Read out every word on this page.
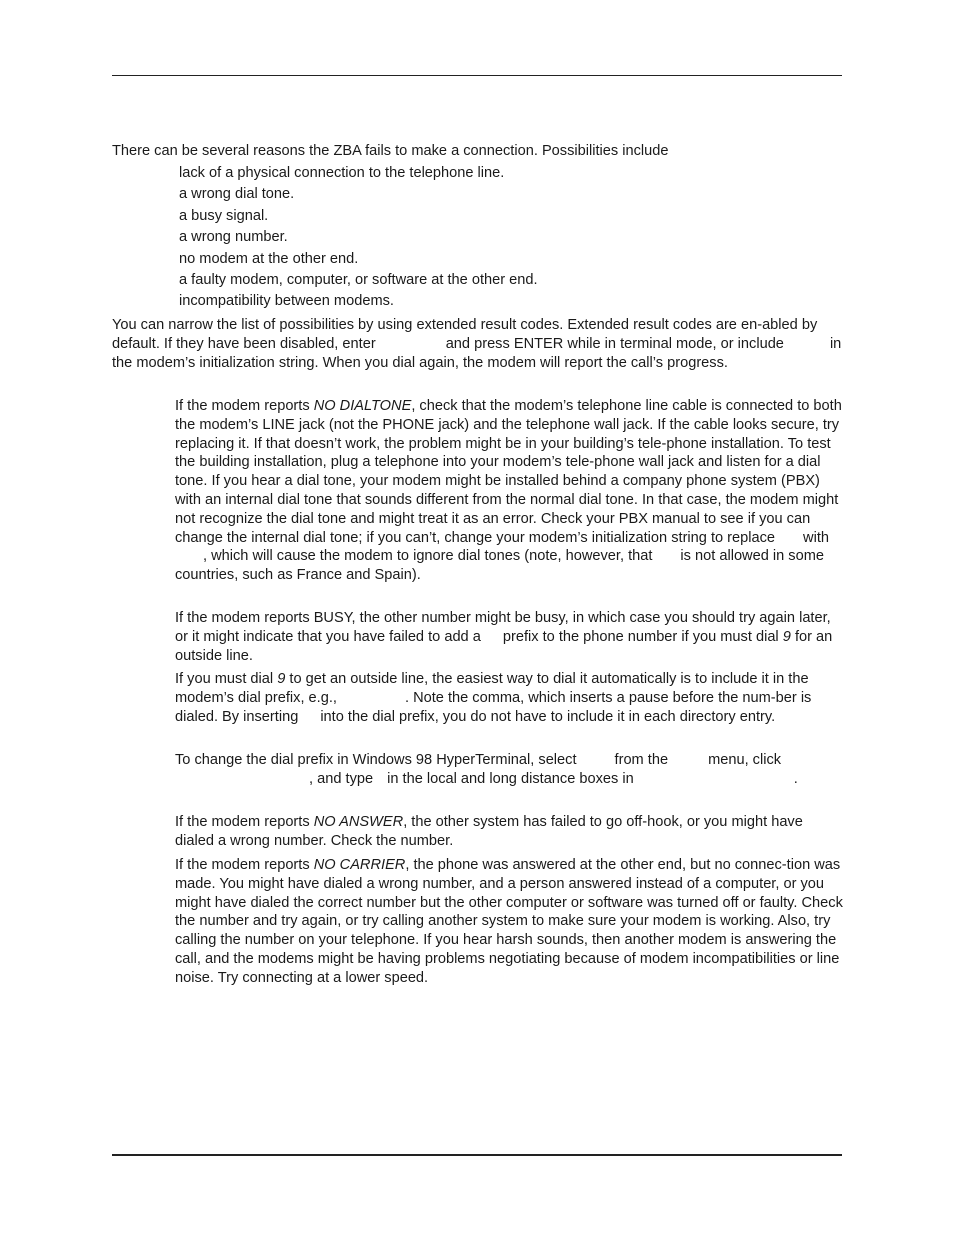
There can be several reasons the ZBA fails to make a connection. Possibilities include

lack of a physical connection to the telephone line.
a wrong dial tone.
a busy signal.
a wrong number.
no modem at the other end.
a faulty modem, computer, or software at the other end.
incompatibility between modems.

You can narrow the list of possibilities by using extended result codes. Extended result codes are en-abled by default. If they have been disabled, enter	and press ENTER while in terminal mode, or include	in the modem’s initialization string. When you dial again, the modem will report the call’s progress.

If the modem reports NO DIALTONE, check that the modem’s telephone line cable is connected to both the modem’s LINE jack (not the PHONE jack) and the telephone wall jack. If the cable looks secure, try replacing it. If that doesn’t work, the problem might be in your building’s tele-phone installation. To test the building installation, plug a telephone into your modem’s tele-phone wall jack and listen for a dial tone. If you hear a dial tone, your modem might be installed behind a company phone system (PBX) with an internal dial tone that sounds different from the normal dial tone. In that case, the modem might not recognize the dial tone and might treat it as an error. Check your PBX manual to see if you can change the internal dial tone; if you can’t, change your modem’s initialization string to replace with, which will cause the modem to ignore dial tones (note, however, that is not allowed in some countries, such as France and Spain).

If the modem reports BUSY, the other number might be busy, in which case you should try again later, or it might indicate that you have failed to add a prefix to the phone number if you must dial 9 for an outside line.

If you must dial 9 to get an outside line, the easiest way to dial it automatically is to include it in the modem’s dial prefix, e.g.,	. Note the comma, which inserts a pause before the num-ber is dialed. By inserting into the dial prefix, you do not have to include it in each directory entry.

To change the dial prefix in Windows 98 HyperTerminal, select	from the	menu, click, and type in the local and long distance boxes in	.

If the modem reports NO ANSWER, the other system has failed to go off-hook, or you might have dialed a wrong number. Check the number.

If the modem reports NO CARRIER, the phone was answered at the other end, but no connec-tion was made. You might have dialed a wrong number, and a person answered instead of a computer, or you might have dialed the correct number but the other computer or software was turned off or faulty. Check the number and try again, or try calling another system to make sure your modem is working. Also, try calling the number on your telephone. If you hear harsh sounds, then another modem is answering the call, and the modems might be having problems negotiating because of modem incompatibilities or line noise. Try connecting at a lower speed.
